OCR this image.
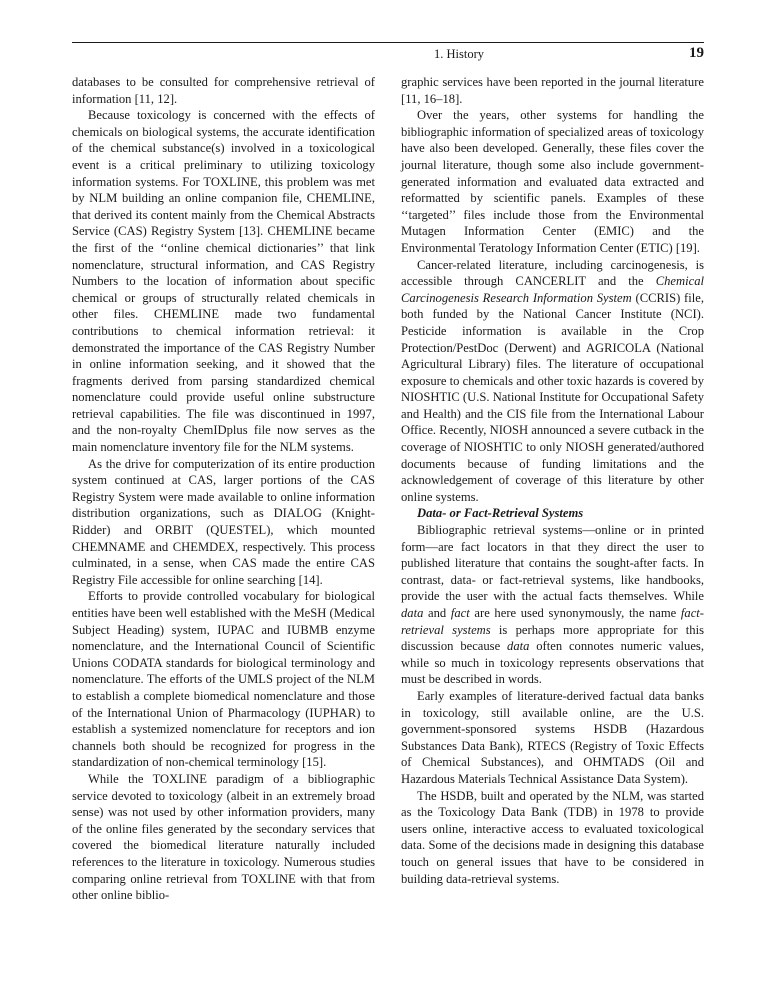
1. History	19

databases to be consulted for comprehensive retrieval of information [11, 12].

Because toxicology is concerned with the effects of chemicals on biological systems, the accurate identification of the chemical substance(s) involved in a toxicological event is a critical preliminary to utilizing toxicology information systems. For TOXLINE, this problem was met by NLM building an online companion file, CHEMLINE, that derived its content mainly from the Chemical Abstracts Service (CAS) Registry System [13]. CHEMLINE became the first of the ‘‘online chemical dictionaries’’ that link nomenclature, structural information, and CAS Registry Numbers to the location of information about specific chemical or groups of structurally related chemicals in other files. CHEMLINE made two fundamental contributions to chemical information retrieval: it demonstrated the importance of the CAS Registry Number in online information seeking, and it showed that the fragments derived from parsing standardized chemical nomenclature could provide useful online substructure retrieval capabilities. The file was discontinued in 1997, and the non-royalty ChemIDplus file now serves as the main nomenclature inventory file for the NLM systems.

As the drive for computerization of its entire production system continued at CAS, larger portions of the CAS Registry System were made available to online information distribution organizations, such as DIALOG (Knight-Ridder) and ORBIT (QUESTEL), which mounted CHEMNAME and CHEMDEX, respectively. This process culminated, in a sense, when CAS made the entire CAS Registry File accessible for online searching [14].

Efforts to provide controlled vocabulary for biological entities have been well established with the MeSH (Medical Subject Heading) system, IUPAC and IUBMB enzyme nomenclature, and the International Council of Scientific Unions CODATA standards for biological terminology and nomenclature. The efforts of the UMLS project of the NLM to establish a complete biomedical nomenclature and those of the International Union of Pharmacology (IUPHAR) to establish a systemized nomenclature for receptors and ion channels both should be recognized for progress in the standardization of non-chemical terminology [15].

While the TOXLINE paradigm of a bibliographic service devoted to toxicology (albeit in an extremely broad sense) was not used by other information providers, many of the online files generated by the secondary services that covered the biomedical literature naturally included references to the literature in toxicology. Numerous studies comparing online retrieval from TOXLINE with that from other online biblio-

graphic services have been reported in the journal literature [11, 16–18].

Over the years, other systems for handling the bibliographic information of specialized areas of toxicology have also been developed. Generally, these files cover the journal literature, though some also include government-generated information and evaluated data extracted and reformatted by scientific panels. Examples of these ‘‘targeted’’ files include those from the Environmental Mutagen Information Center (EMIC) and the Environmental Teratology Information Center (ETIC) [19].

Cancer-related literature, including carcinogenesis, is accessible through CANCERLIT and the Chemical Carcinogenesis Research Information System (CCRIS) file, both funded by the National Cancer Institute (NCI). Pesticide information is available in the Crop Protection/PestDoc (Derwent) and AGRICOLA (National Agricultural Library) files. The literature of occupational exposure to chemicals and other toxic hazards is covered by NIOSHTIC (U.S. National Institute for Occupational Safety and Health) and the CIS file from the International Labour Office. Recently, NIOSH announced a severe cutback in the coverage of NIOSHTIC to only NIOSH generated/authored documents because of funding limitations and the acknowledgement of coverage of this literature by other online systems.

Data- or Fact-Retrieval Systems

Bibliographic retrieval systems—online or in printed form—are fact locators in that they direct the user to published literature that contains the sought-after facts. In contrast, data- or fact-retrieval systems, like handbooks, provide the user with the actual facts themselves. While data and fact are here used synonymously, the name fact-retrieval systems is perhaps more appropriate for this discussion because data often connotes numeric values, while so much in toxicology represents observations that must be described in words.

Early examples of literature-derived factual data banks in toxicology, still available online, are the U.S. government-sponsored systems HSDB (Hazardous Substances Data Bank), RTECS (Registry of Toxic Effects of Chemical Substances), and OHMTADS (Oil and Hazardous Materials Technical Assistance Data System).

The HSDB, built and operated by the NLM, was started as the Toxicology Data Bank (TDB) in 1978 to provide users online, interactive access to evaluated toxicological data. Some of the decisions made in designing this database touch on general issues that have to be considered in building data-retrieval systems.
